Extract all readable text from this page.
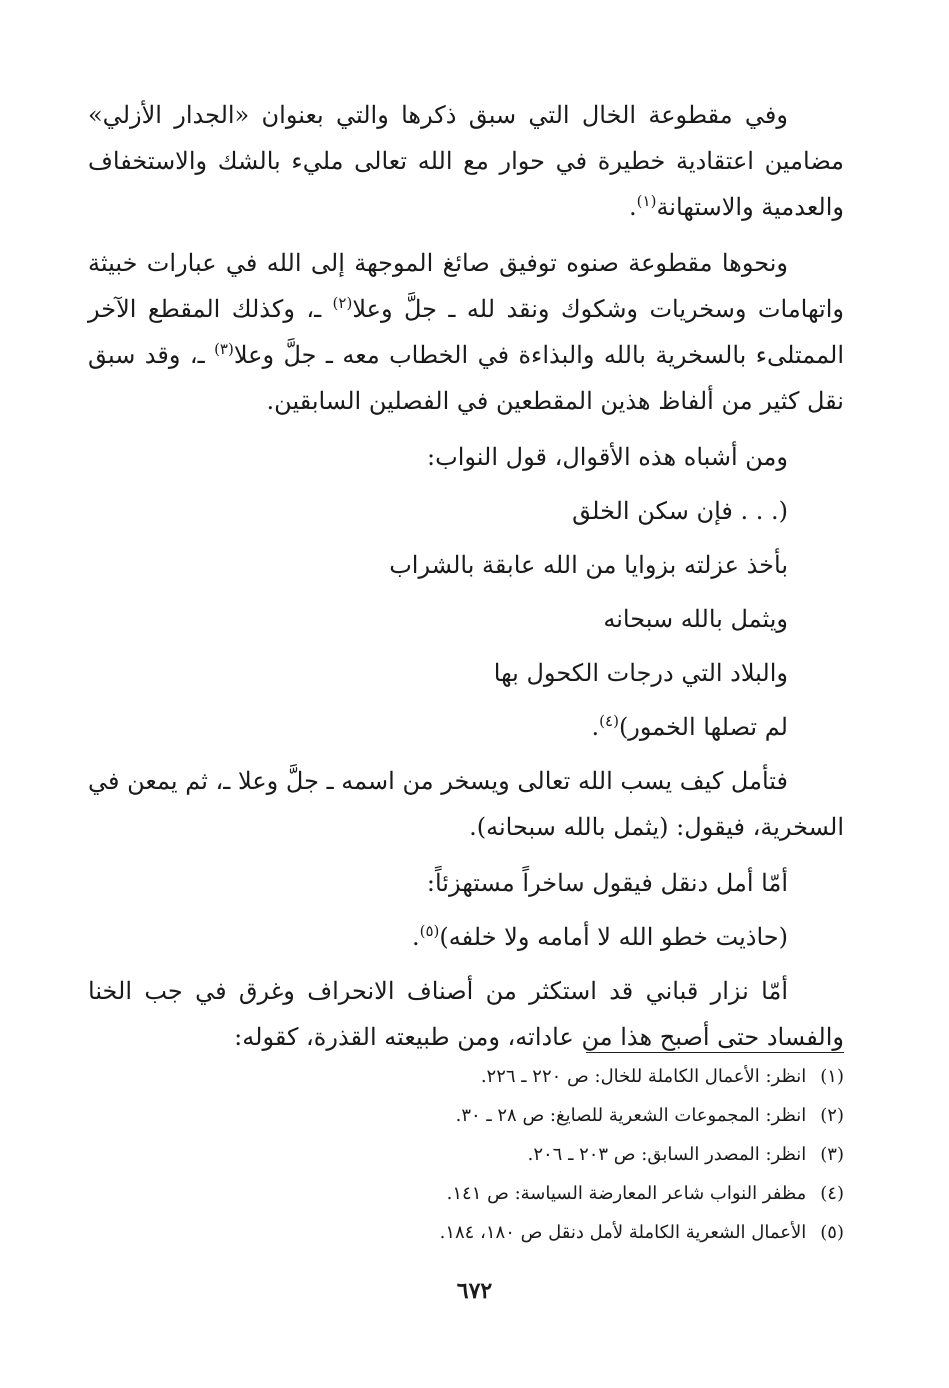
وفي مقطوعة الخال التي سبق ذكرها والتي بعنوان «الجدار الأزلي» مضامين اعتقادية خطيرة في حوار مع الله تعالى مليء بالشك والاستخفاف والعدمية والاستهانة$^{(١)}$.

ونحوها مقطوعة صنوه توفيق صائغ الموجهة إلى الله في عبارات خبيثة واتهامات وسخريات وشكوك ونقد لله ـ جلَّ وعلا$^{(٢)}$ ـ، وكذلك المقطع الآخر الممتلىء بالسخرية بالله والبذاءة في الخطاب معه ـ جلَّ وعلا$^{(٣)}$ ـ، وقد سبق نقل كثير من ألفاظ هذين المقطعين في الفصلين السابقين.

ومن أشباه هذه الأقوال، قول النواب:

(. . . فإن سكن الخلق

بأخذ عزلته بزوايا من الله عابقة بالشراب

ويثمل بالله سبحانه

والبلاد التي درجات الكحول بها

لم تصلها الخمور)$^{(٤)}$.

فتأمل كيف يسب الله تعالى ويسخر من اسمه ـ جلَّ وعلا ـ، ثم يمعن في السخرية، فيقول: (يثمل بالله سبحانه).

أمّا أمل دنقل فيقول ساخراً مستهزئاً:

(حاذيت خطو الله لا أمامه ولا خلفه)$^{(٥)}$.

أمّا نزار قباني قد استكثر من أصناف الانحراف وغرق في جب الخنا والفساد حتى أصبح هذا من عاداته، ومن طبيعته القذرة، كقوله:

(١)انظر: الأعمال الكاملة للخال: ص ٢٢٠ ـ ٢٢٦.

(٢)انظر: المجموعات الشعرية للصايغ: ص ٢٨ ـ ٣٠.

(٣)انظر: المصدر السابق: ص ٢٠٣ ـ ٢٠٦.

(٤)مظفر النواب شاعر المعارضة السياسة: ص ١٤١.

(٥)الأعمال الشعرية الكاملة لأمل دنقل ص ١٨٠، ١٨٤.

٦٧٢
